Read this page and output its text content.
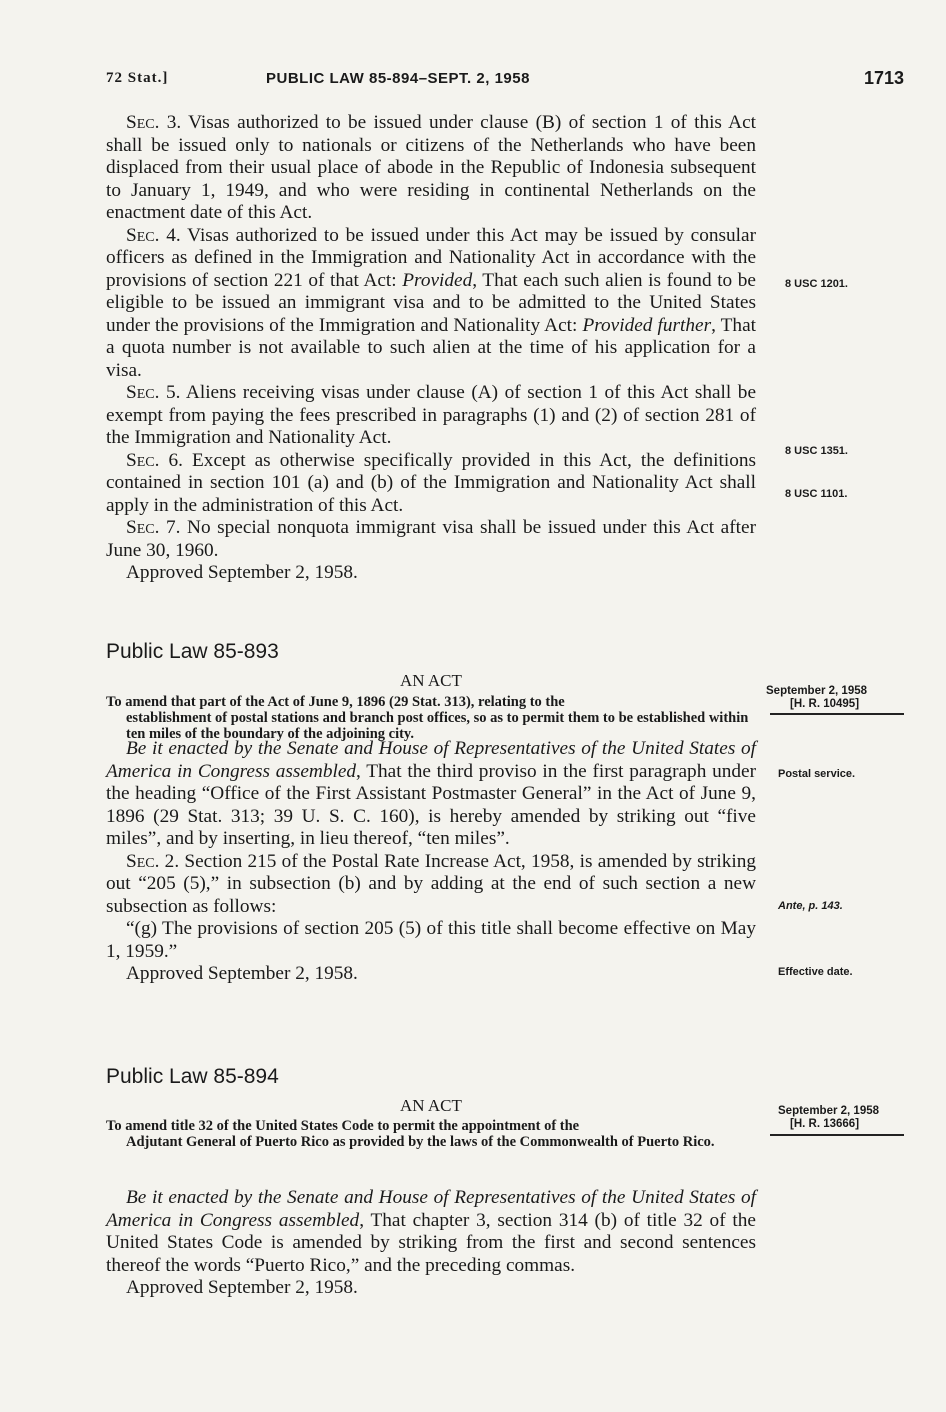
72 Stat.]	PUBLIC LAW 85-894–SEPT. 2, 1958	1713

Sec. 3. Visas authorized to be issued under clause (B) of section 1 of this Act shall be issued only to nationals or citizens of the Netherlands who have been displaced from their usual place of abode in the Republic of Indonesia subsequent to January 1, 1949, and who were residing in continental Netherlands on the enactment date of this Act.

Sec. 4. Visas authorized to be issued under this Act may be issued by consular officers as defined in the Immigration and Nationality Act in accordance with the provisions of section 221 of that Act: Provided, That each such alien is found to be eligible to be issued an immigrant visa and to be admitted to the United States under the provisions of the Immigration and Nationality Act: Provided further, That a quota number is not available to such alien at the time of his application for a visa.

Sec. 5. Aliens receiving visas under clause (A) of section 1 of this Act shall be exempt from paying the fees prescribed in paragraphs (1) and (2) of section 281 of the Immigration and Nationality Act.

Sec. 6. Except as otherwise specifically provided in this Act, the definitions contained in section 101 (a) and (b) of the Immigration and Nationality Act shall apply in the administration of this Act.

Sec. 7. No special nonquota immigrant visa shall be issued under this Act after June 30, 1960.

Approved September 2, 1958.

8 USC 1201.
8 USC 1351.
8 USC 1101.
Public Law 85-893
AN ACT
To amend that part of the Act of June 9, 1896 (29 Stat. 313), relating to the
establishment of postal stations and branch post offices, so as to permit them to be established within ten miles of the boundary of the adjoining city.
September 2, 1958
[H. R. 10495]

Be it enacted by the Senate and House of Representatives of the United States of America in Congress assembled, That the third proviso in the first paragraph under the heading “Office of the First Assistant Postmaster General” in the Act of June 9, 1896 (29 Stat. 313; 39 U. S. C. 160), is hereby amended by striking out “five miles”, and by inserting, in lieu thereof, “ten miles”.

Sec. 2. Section 215 of the Postal Rate Increase Act, 1958, is amended by striking out “205 (5),” in subsection (b) and by adding at the end of such section a new subsection as follows:

“(g) The provisions of section 205 (5) of this title shall become effective on May 1, 1959.”

Approved September 2, 1958.

Postal service.
Ante, p. 143.
Effective date.
Public Law 85-894
AN ACT
To amend title 32 of the United States Code to permit the appointment of the
Adjutant General of Puerto Rico as provided by the laws of the Commonwealth of Puerto Rico.
September 2, 1958
[H. R. 13666]

Be it enacted by the Senate and House of Representatives of the United States of America in Congress assembled, That chapter 3, section 314 (b) of title 32 of the United States Code is amended by striking from the first and second sentences thereof the words “Puerto Rico,” and the preceding commas.

Approved September 2, 1958.
